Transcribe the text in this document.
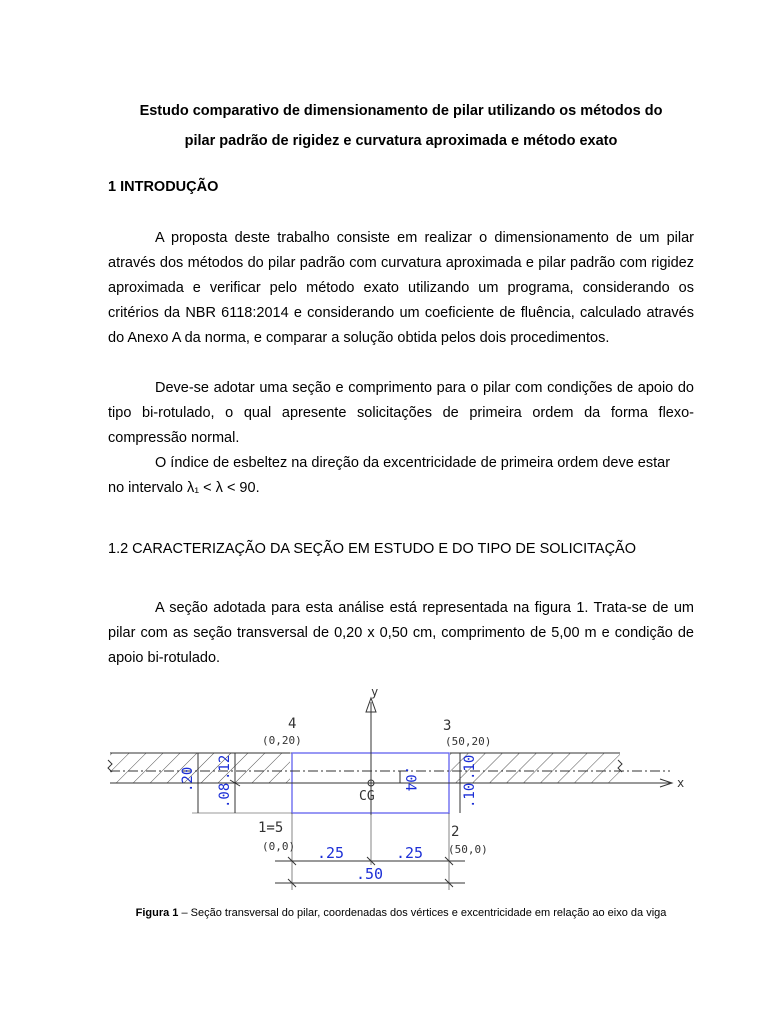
Estudo comparativo de dimensionamento de pilar utilizando os métodos do
pilar padrão de rigidez e curvatura aproximada e método exato
1 INTRODUÇÃO
A proposta deste trabalho consiste em realizar o dimensionamento de um pilar através dos métodos do pilar padrão com curvatura aproximada e pilar padrão com rigidez aproximada e verificar pelo método exato utilizando um programa, considerando os critérios da NBR 6118:2014 e considerando um coeficiente de fluência, calculado através do Anexo A da norma, e comparar a solução obtida pelos dois procedimentos.
Deve-se adotar uma seção e comprimento para o pilar com condições de apoio do tipo bi-rotulado, o qual apresente solicitações de primeira ordem da forma flexo-compressão normal.
O índice de esbeltez na direção da excentricidade de primeira ordem deve estar
no intervalo λ₁ < λ < 90.
1.2 CARACTERIZAÇÃO DA SEÇÃO EM ESTUDO E DO TIPO DE SOLICITAÇÃO
A seção adotada para esta análise está representada na figura 1. Trata-se de um pilar com as seção transversal de 0,20 x 0,50 cm, comprimento de 5,00 m e condição de apoio bi-rotulado.
x
y
CG
4
(0,20)
3
(50,20)
1=5
(0,0)
2
(50,0)
.20 .12
.08
.04	.10
.10
.25	.25
.50
Figura 1 – Seção transversal do pilar, coordenadas dos vértices e excentricidade em relação ao eixo da viga
